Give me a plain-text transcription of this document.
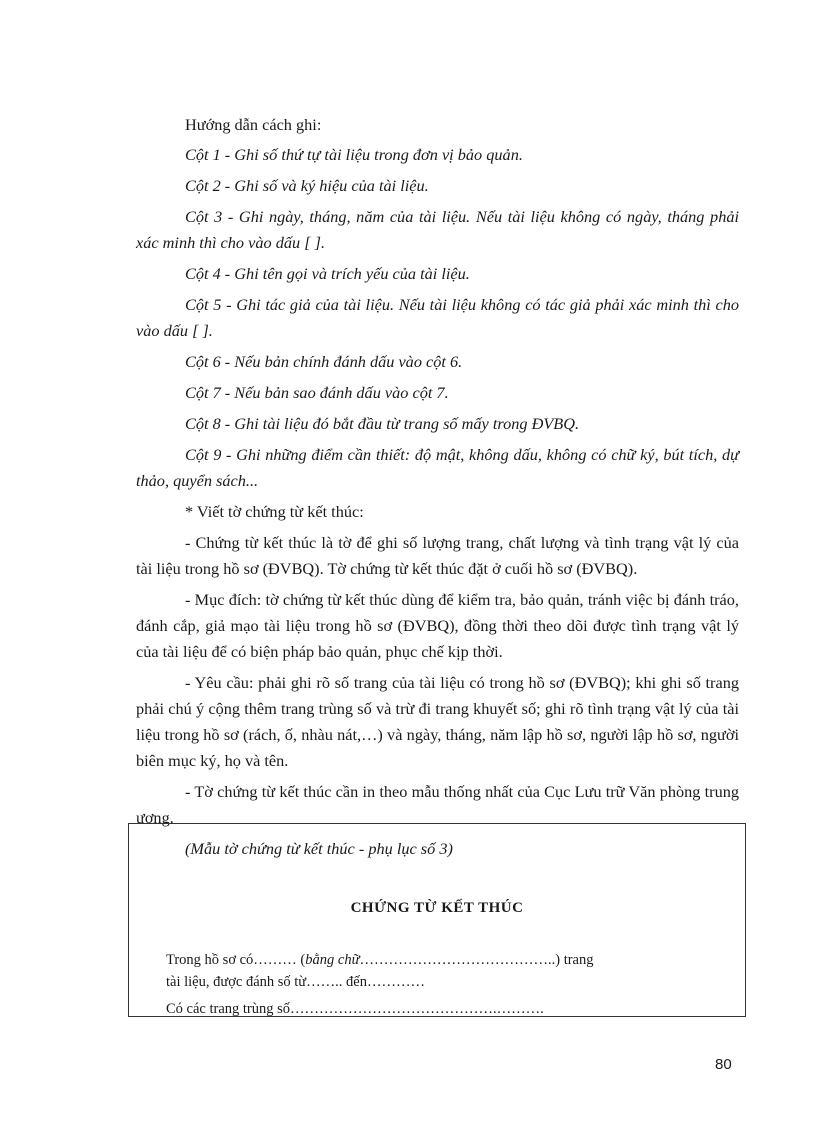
Hướng dẫn cách ghi:

Cột 1 - Ghi số thứ tự tài liệu trong đơn vị bảo quản.

Cột 2 - Ghi số và ký hiệu của tài liệu.

Cột 3 - Ghi ngày, tháng, năm của tài liệu. Nếu tài liệu không có ngày, tháng phải xác minh thì cho vào dấu [ ].

Cột 4 - Ghi tên gọi và trích yếu của tài liệu.

Cột 5 - Ghi tác giả của tài liệu. Nếu tài liệu không có tác giả phải xác minh thì cho vào dấu [ ].

Cột 6 - Nếu bản chính đánh dấu vào cột 6.

Cột 7 - Nếu bản sao đánh dấu vào cột 7.

Cột 8 - Ghi tài liệu đó bắt đầu từ trang số mấy trong ĐVBQ.

Cột 9 - Ghi những điểm cần thiết: độ mật, không dấu, không có chữ ký, bút tích, dự thảo, quyển sách...

* Viết tờ chứng từ kết thúc:

- Chứng từ kết thúc là tờ để ghi số lượng trang, chất lượng và tình trạng vật lý của tài liệu trong hồ sơ (ĐVBQ). Tờ chứng từ kết thúc đặt ở cuối hồ sơ (ĐVBQ).

- Mục đích: tờ chứng từ kết thúc dùng để kiểm tra, bảo quản, tránh việc bị đánh tráo, đánh cắp, giả mạo tài liệu trong hồ sơ (ĐVBQ), đồng thời theo dõi được tình trạng vật lý của tài liệu để có biện pháp bảo quản, phục chế kịp thời.

- Yêu cầu: phải ghi rõ số trang của tài liệu có trong hồ sơ (ĐVBQ); khi ghi số trang phải chú ý cộng thêm trang trùng số và trừ đi trang khuyết số; ghi rõ tình trạng vật lý của tài liệu trong hồ sơ (rách, ố, nhàu nát,…) và ngày, tháng, năm lập hồ sơ, người lập hồ sơ, người biên mục ký, họ và tên.

- Tờ chứng từ kết thúc cần in theo mẫu thống nhất của Cục Lưu trữ Văn phòng trung ương.

(Mẫu tờ chứng từ kết thúc - phụ lục số 3)

CHỨNG TỪ KẾT THÚC
Trong hồ sơ có……… (bằng chữ…………………………………..) trang
tài liệu, được đánh số từ…….. đến…………
Có các trang trùng số…………………………………….……….
80
